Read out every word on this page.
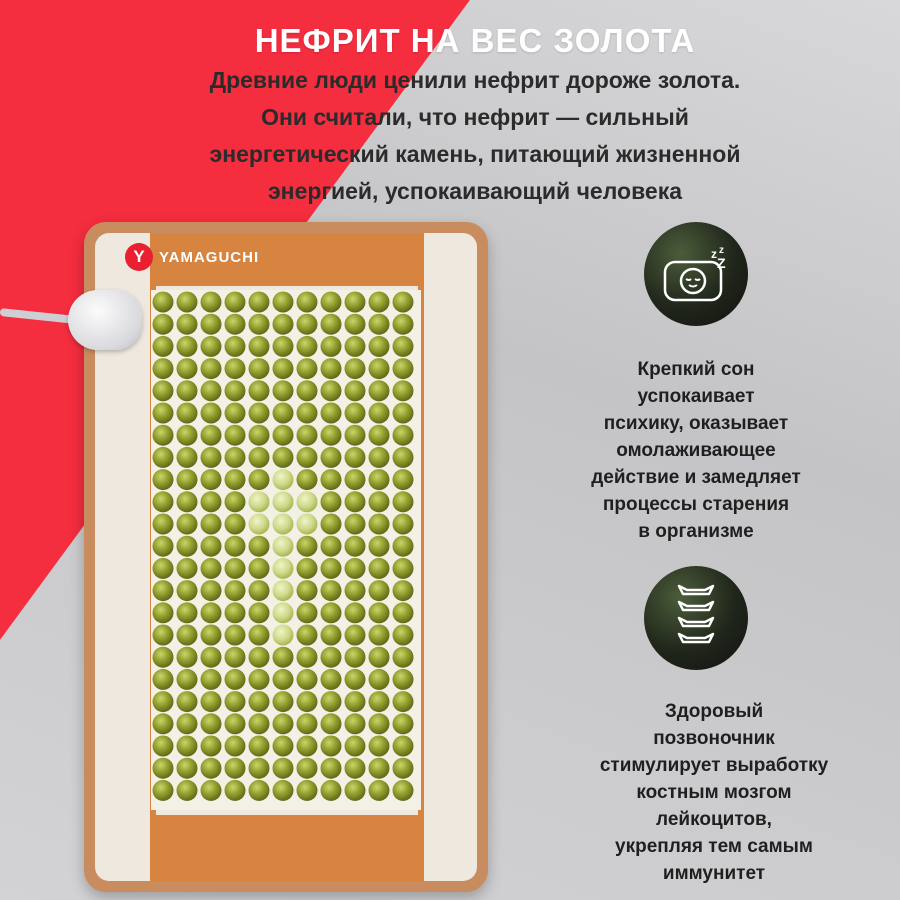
НЕФРИТ НА ВЕС ЗОЛОТА
Древние люди ценили нефрит дороже золота.
Они считали, что нефрит — сильный
энергетический камень, питающий жизненной
энергией, успокаивающий человека
Y YAMAGUCHI	z z
Z
Крепкий сон
успокаивает
психику, оказывает
омолаживающее
действие и замедляет
процессы старения
в организме
Здоровый
позвоночник
стимулирует выработку
костным мозгом
лейкоцитов,
укрепляя тем самым
иммунитет
